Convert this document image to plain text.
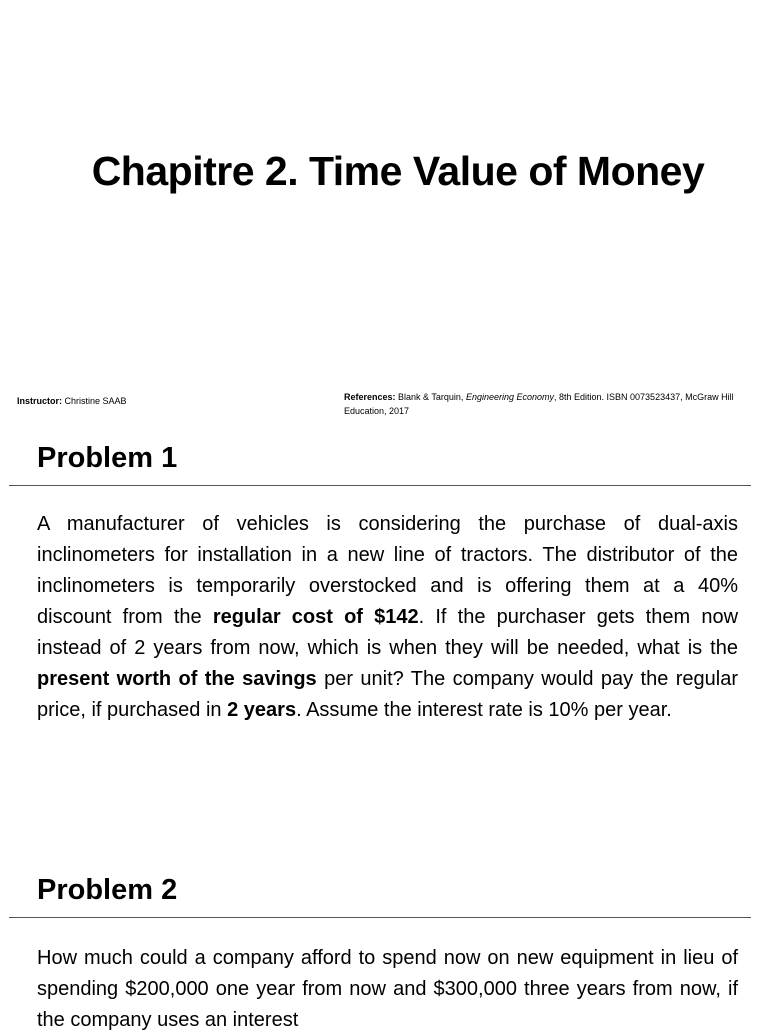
Chapitre 2. Time Value of Money
Instructor: Christine SAAB	References: Blank & Tarquin, Engineering Economy, 8th Edition. ISBN 0073523437, McGraw Hill Education, 2017
Problem 1
A manufacturer of vehicles is considering the purchase of dual-axis inclinometers for installation in a new line of tractors. The distributor of the inclinometers is temporarily overstocked and is offering them at a 40% discount from the regular cost of $142. If the purchaser gets them now instead of 2 years from now, which is when they will be needed, what is the present worth of the savings per unit? The company would pay the regular price, if purchased in 2 years. Assume the interest rate is 10% per year.
Problem 2
How much could a company afford to spend now on new equipment in lieu of spending $200,000 one year from now and $300,000 three years from now, if the company uses an interest
